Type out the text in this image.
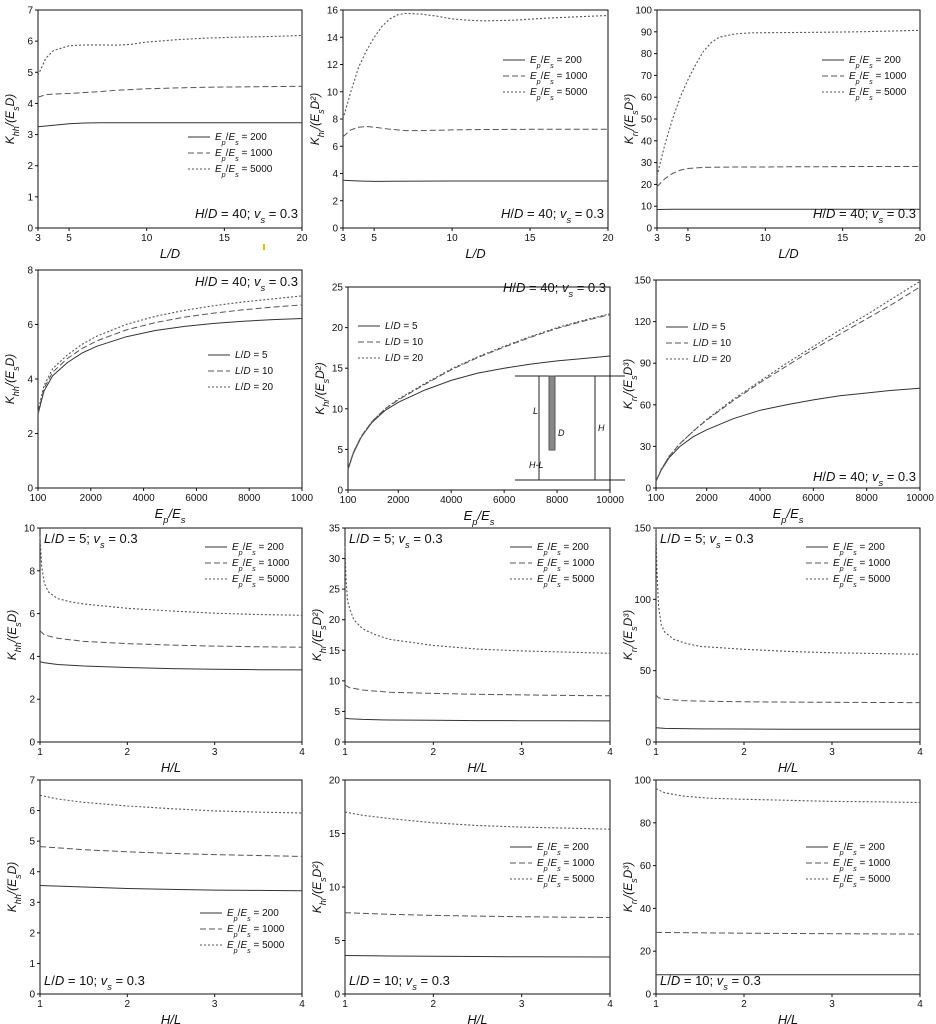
0
1
2
3
4
5
6
7
3	5	10	15	20
L/D
$K_{hh}/(E_sD)$
H/D = 40; $v_s = 0.3$
$E_p/E_s = 200$
$E_p/E_s = 1000$
$E_p/E_s = 5000$
0
2
4
6
8
10
12
14
16
3	5	10	15	20
L/D
$K_{hr}/(E_sD^2)$
H/D = 40; $v_s = 0.3$
$E_p/E_s = 200$
$E_p/E_s = 1000$
$E_p/E_s = 5000$
0
10
20
30
40
50
60
70
80
90
100
3	5	10	15	20
L/D
$K_{rr}/(E_sD^3)$
H/D = 40; $v_s = 0.3$
$E_p/E_s = 200$
$E_p/E_s = 1000$
$E_p/E_s = 5000$
0
2
4
6
8
100	2000	4000	6000	8000	1000
$E_p/E_s$
$K_{hh}/(E_sD)$
H/D = 40; $v_s = 0.3$
L/D = 5
L/D = 10
L/D = 20
0
5
10
15
20
25
100	2000	4000	6000	8000	10000
$E_p/E_s$
$K_{hr}/(E_sD^2)$
H/D = 40; $v_s = 0.3$
L/D = 5
L/D = 10
L/D = 20
L
D	H
H-L
0
30
60
90
120
150
100	2000	4000	6000	8000	10000
$E_p/E_s$
$K_{rr}/(E_sD^3)$
H/D = 40; $v_s = 0.3$
L/D = 5
L/D = 10
L/D = 20
0
2
4
6
8
10
1	2	3	4
H/L
$K_{hh}/(E_sD)$
L/D = 5; $v_s = 0.3$
$E_p/E_s = 200$
$E_p/E_s = 1000$
$E_p/E_s = 5000$
0
5
10
15
20
25
30
35
1	2	3	4
H/L
$K_{hr}/(E_sD^2)$
L/D = 5; $v_s = 0.3$
$E_p/E_s = 200$
$E_p/E_s = 1000$
$E_p/E_s = 5000$
0
50
100
150
1	2	3	4
H/L
$K_{rr}/(E_sD^3)$
L/D = 5; $v_s = 0.3$
$E_p/E_s = 200$
$E_p/E_s = 1000$
$E_p/E_s = 5000$
0
1
2
3
4
5
6
7
1	2	3	4
H/L
$K_{hh}/(E_sD)$
L/D = 10; $v_s = 0.3$
$E_p/E_s = 200$
$E_p/E_s = 1000$
$E_p/E_s = 5000$
0
5
10
15
20
1	2	3	4
H/L
$K_{hr}/(E_sD^2)$
L/D = 10; $v_s = 0.3$
$E_p/E_s = 200$
$E_p/E_s = 1000$
$E_p/E_s = 5000$
0
20
40
60
80
100
1	2	3	4
H/L
$K_{rr}/(E_sD^3)$
L/D = 10; $v_s = 0.3$
$E_p/E_s = 200$
$E_p/E_s = 1000$
$E_p/E_s = 5000$
